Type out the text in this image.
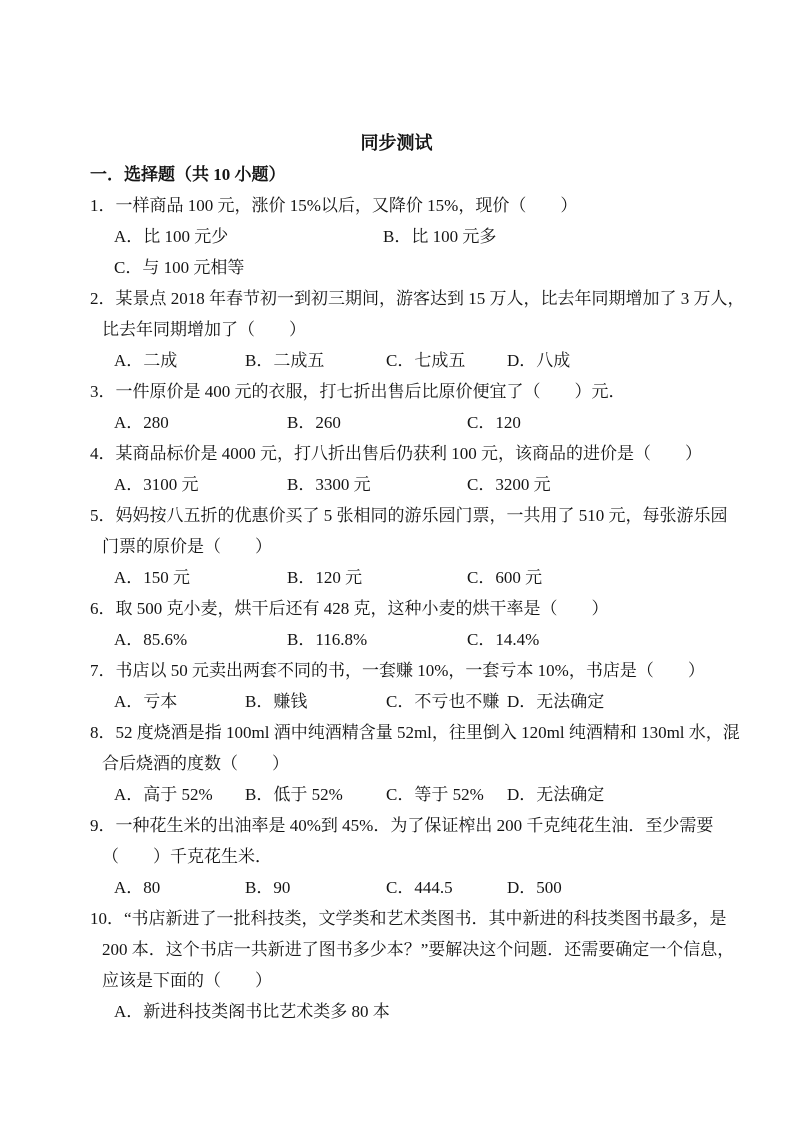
同步测试
一．选择题（共 10 小题）
1．一样商品 100 元，涨价 15%以后，又降价 15%，现价（　　）
A．比 100 元少	B．比 100 元多
C．与 100 元相等
2．某景点 2018 年春节初一到初三期间，游客达到 15 万人，比去年同期增加了 3 万人，
比去年同期增加了（　　）
A．二成	B．二成五	C．七成五 D．八成
3．一件原价是 400 元的衣服，打七折出售后比原价便宜了（　　）元．
A．280	B．260	C．120
4．某商品标价是 4000 元，打八折出售后仍获利 100 元，该商品的进价是（　　）
A．3100 元	B．3300 元	C．3200 元
5．妈妈按八五折的优惠价买了 5 张相同的游乐园门票，一共用了 510 元，每张游乐园
门票的原价是（　　）
A．150 元	B．120 元	C．600 元
6．取 500 克小麦，烘干后还有 428 克，这种小麦的烘干率是（　　）
A．85.6%	B．116.8%	C．14.4%
7．书店以 50 元卖出两套不同的书，一套赚 10%，一套亏本 10%，书店是（　　）
A．亏本	B．赚钱	C．不亏也不赚 D．无法确定
8．52 度烧酒是指 100ml 酒中纯酒精含量 52ml，往里倒入 120ml 纯酒精和 130ml 水，混
合后烧酒的度数（　　）
A．高于 52% B．低于 52%	C．等于 52% D．无法确定
9．一种花生米的出油率是 40%到 45%．为了保证榨出 200 千克纯花生油．至少需要
（　　）千克花生米．
A．80	B．90	C．444.5	D．500
10．“书店新进了一批科技类，文学类和艺术类图书．其中新进的科技类图书最多，是
200 本．这个书店一共新进了图书多少本？”要解决这个问题．还需要确定一个信息，
应该是下面的（　　）
A．新进科技类阁书比艺术类多 80 本
